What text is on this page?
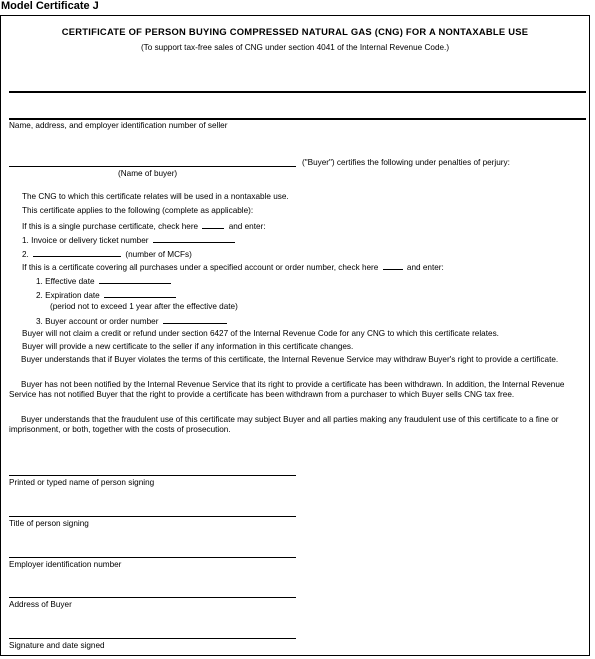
Model Certificate J
CERTIFICATE OF PERSON BUYING COMPRESSED NATURAL GAS (CNG) FOR A NONTAXABLE USE
(To support tax-free sales of CNG under section 4041 of the Internal Revenue Code.)
Name, address, and employer identification number of seller
("Buyer") certifies the following under penalties of perjury:
(Name of buyer)
The CNG to which this certificate relates will be used in a nontaxable use.
This certificate applies to the following (complete as applicable):
If this is a single purchase certificate, check here	and enter:
1. Invoice or delivery ticket number
2.	(number of MCFs)
If this is a certificate covering all purchases under a specified account or order number, check here	and enter:
1. Effective date
2. Expiration date
(period not to exceed 1 year after the effective date)
3. Buyer account or order number
Buyer will not claim a credit or refund under section 6427 of the Internal Revenue Code for any CNG to which this certificate relates.
Buyer will provide a new certificate to the seller if any information in this certificate changes.
Buyer understands that if Buyer violates the terms of this certificate, the Internal Revenue Service may withdraw Buyer's right to provide a certificate.
Buyer has not been notified by the Internal Revenue Service that its right to provide a certificate has been withdrawn. In addition, the Internal Revenue Service has not notified Buyer that the right to provide a certificate has been withdrawn from a purchaser to which Buyer sells CNG tax free.
Buyer understands that the fraudulent use of this certificate may subject Buyer and all parties making any fraudulent use of this certificate to a fine or imprisonment, or both, together with the costs of prosecution.
Printed or typed name of person signing
Title of person signing
Employer identification number
Address of Buyer
Signature and date signed
